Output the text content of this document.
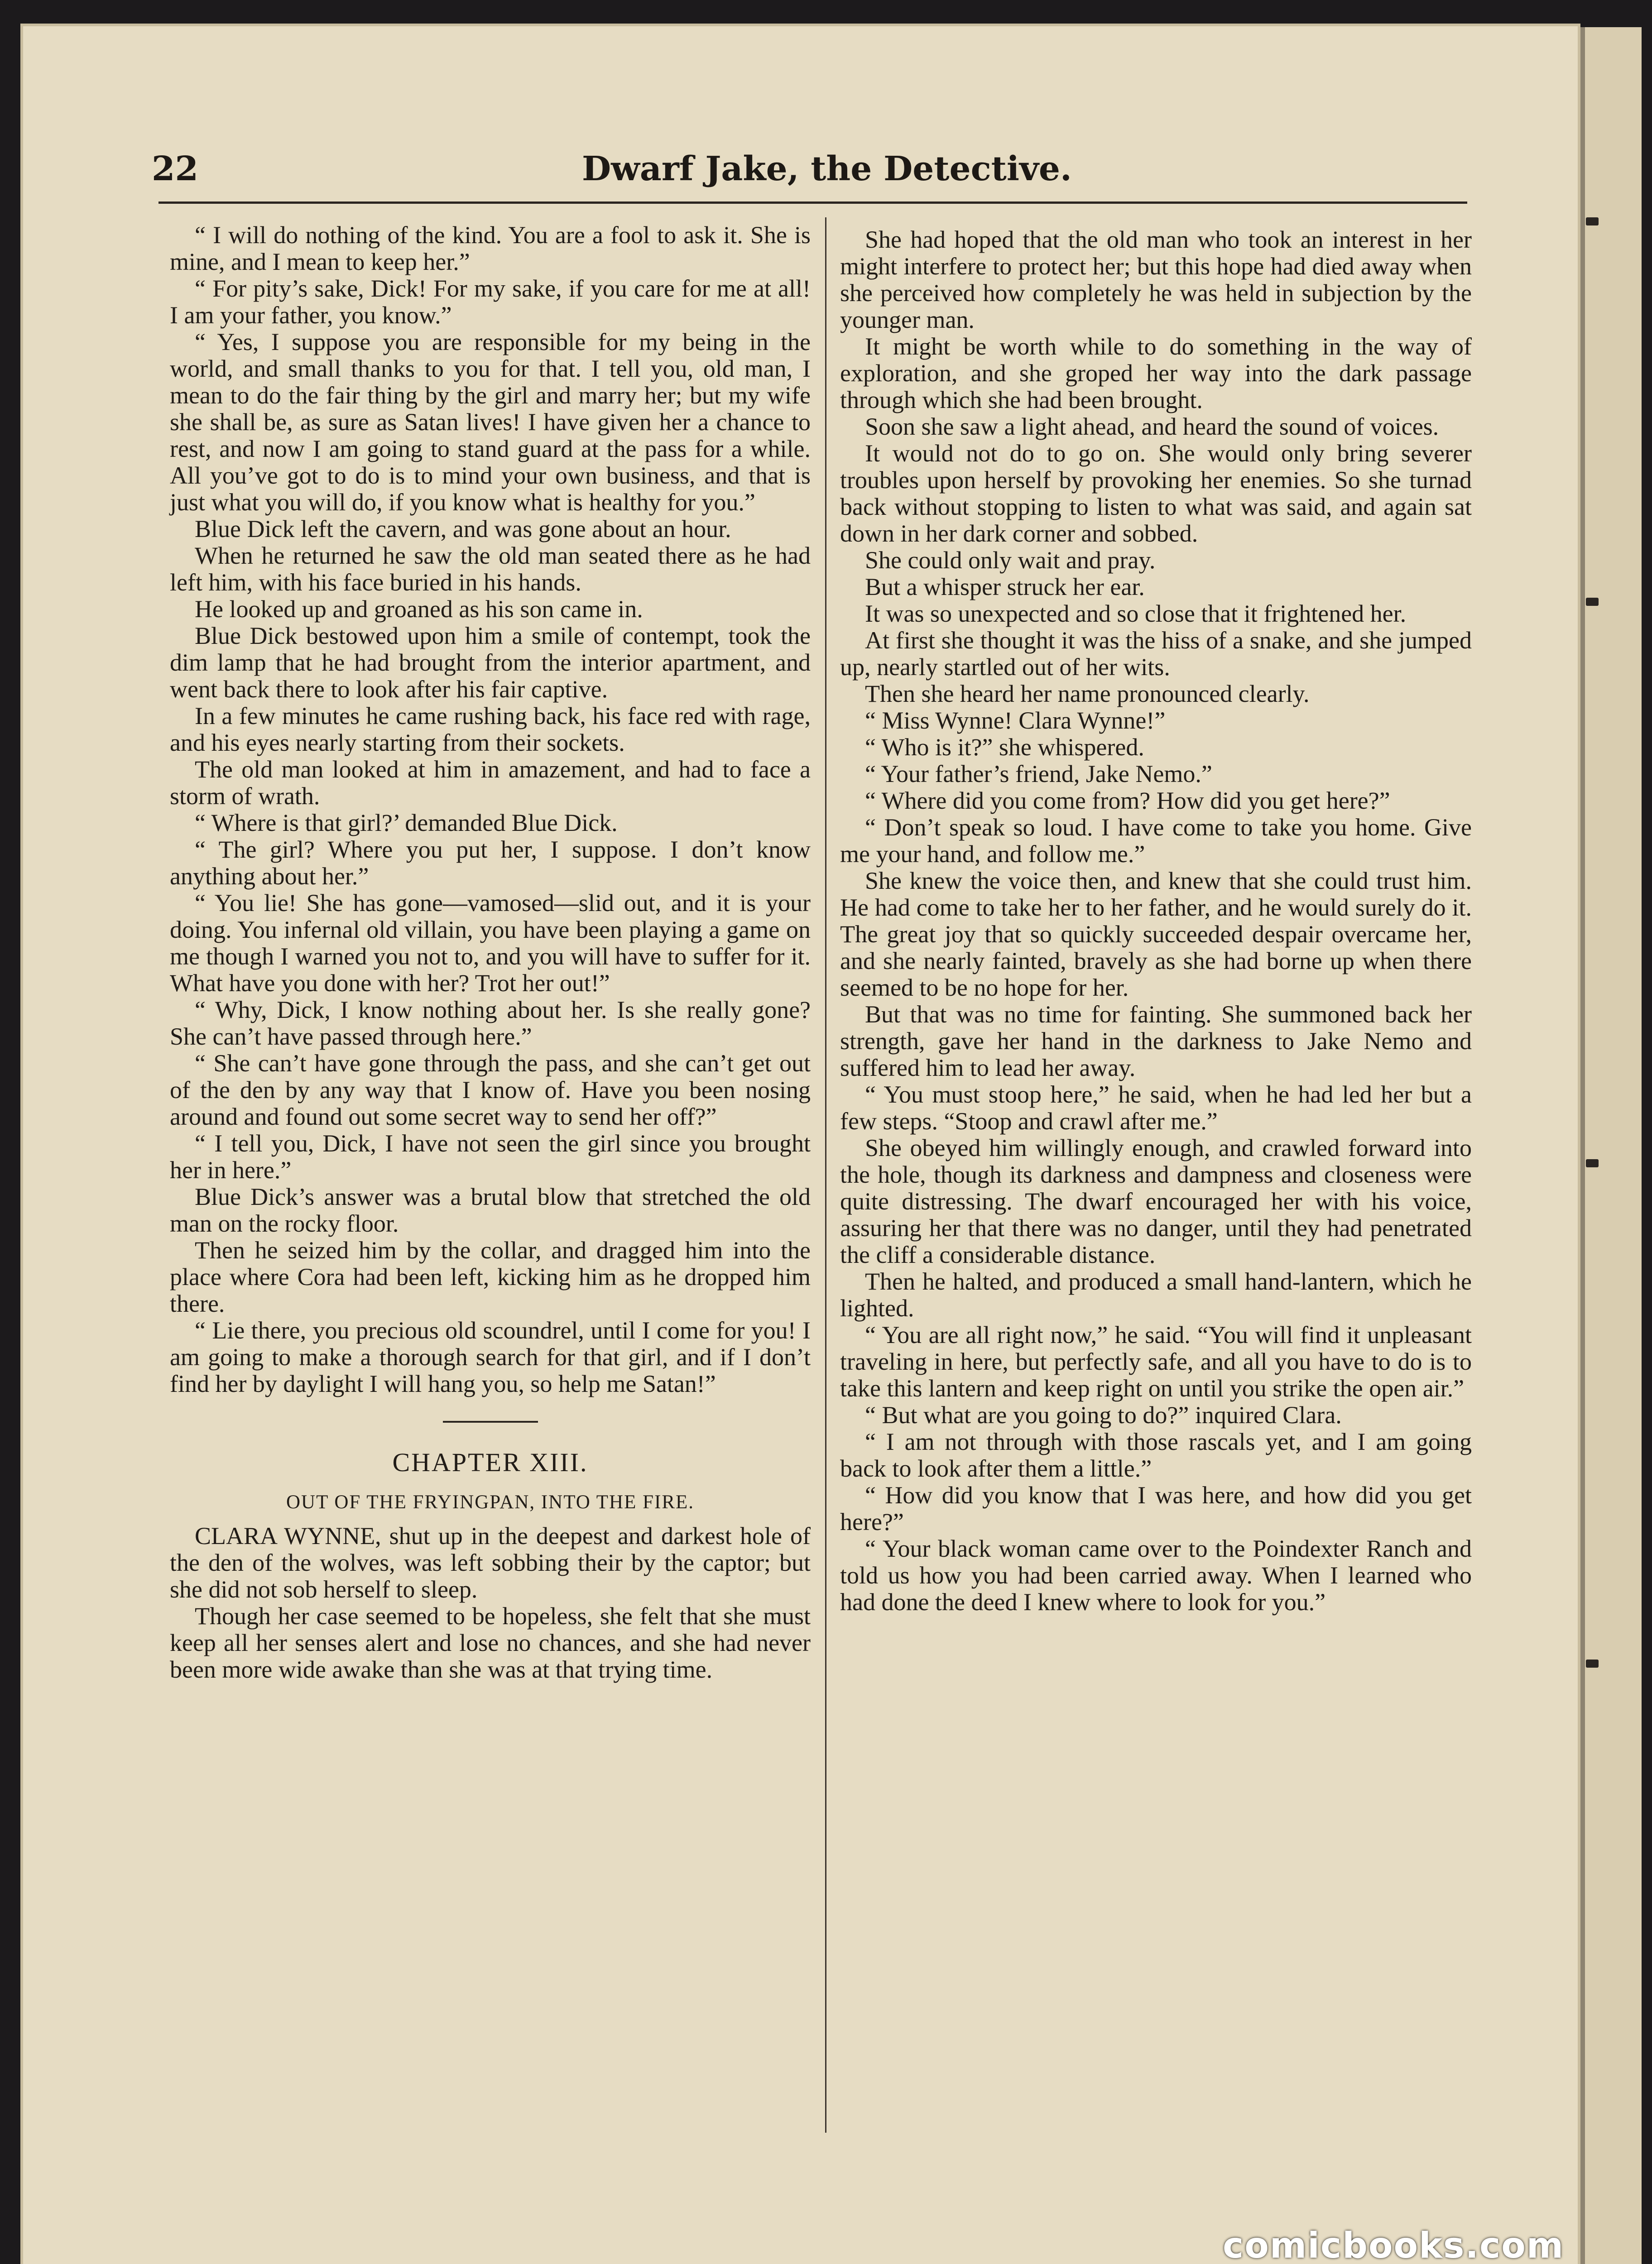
22	Dwarf Jake, the Detective.

“ I will do nothing of the kind. You are a fool to ask it. She is mine, and I mean to keep her.”

“ For pity’s sake, Dick! For my sake, if you care for me at all! I am your father, you know.”

“ Yes, I suppose you are responsible for my being in the world, and small thanks to you for that. I tell you, old man, I mean to do the fair thing by the girl and marry her; but my wife she shall be, as sure as Satan lives! I have given her a chance to rest, and now I am going to stand guard at the pass for a while. All you’ve got to do is to mind your own business, and that is just what you will do, if you know what is healthy for you.”

Blue Dick left the cavern, and was gone about an hour.

When he returned he saw the old man seated there as he had left him, with his face buried in his hands.

He looked up and groaned as his son came in.

Blue Dick bestowed upon him a smile of contempt, took the dim lamp that he had brought from the interior apartment, and went back there to look after his fair captive.

In a few minutes he came rushing back, his face red with rage, and his eyes nearly starting from their sockets.

The old man looked at him in amazement, and had to face a storm of wrath.

“ Where is that girl?’ demanded Blue Dick.

“ The girl? Where you put her, I suppose. I don’t know anything about her.”

“ You lie! She has gone—vamosed—slid out, and it is your doing. You infernal old villain, you have been playing a game on me though I warned you not to, and you will have to suffer for it. What have you done with her? Trot her out!”

“ Why, Dick, I know nothing about her. Is she really gone? She can’t have passed through here.”

“ She can’t have gone through the pass, and she can’t get out of the den by any way that I know of. Have you been nosing around and found out some secret way to send her off?”

“ I tell you, Dick, I have not seen the girl since you brought her in here.”

Blue Dick’s answer was a brutal blow that stretched the old man on the rocky floor.

Then he seized him by the collar, and dragged him into the place where Cora had been left, kicking him as he dropped him there.

“ Lie there, you precious old scoundrel, until I come for you! I am going to make a thorough search for that girl, and if I don’t find her by daylight I will hang you, so help me Satan!”

CHAPTER XIII.

OUT OF THE FRYINGPAN, INTO THE FIRE.

CLARA WYNNE, shut up in the deepest and darkest hole of the den of the wolves, was left sobbing their by the captor; but she did not sob herself to sleep.

Though her case seemed to be hopeless, she felt that she must keep all her senses alert and lose no chances, and she had never been more wide awake than she was at that trying time.

She had hoped that the old man who took an interest in her might interfere to protect her; but this hope had died away when she perceived how completely he was held in subjection by the younger man.

It might be worth while to do something in the way of exploration, and she groped her way into the dark passage through which she had been brought.

Soon she saw a light ahead, and heard the sound of voices.

It would not do to go on. She would only bring severer troubles upon herself by provoking her enemies. So she turnad back without stopping to listen to what was said, and again sat down in her dark corner and sobbed.

She could only wait and pray.

But a whisper struck her ear.

It was so unexpected and so close that it frightened her.

At first she thought it was the hiss of a snake, and she jumped up, nearly startled out of her wits.

Then she heard her name pronounced clearly.

“ Miss Wynne! Clara Wynne!”

“ Who is it?” she whispered.

“ Your father’s friend, Jake Nemo.”

“ Where did you come from? How did you get here?”

“ Don’t speak so loud. I have come to take you home. Give me your hand, and follow me.”

She knew the voice then, and knew that she could trust him. He had come to take her to her father, and he would surely do it. The great joy that so quickly succeeded despair overcame her, and she nearly fainted, bravely as she had borne up when there seemed to be no hope for her.

But that was no time for fainting. She summoned back her strength, gave her hand in the darkness to Jake Nemo and suffered him to lead her away.

“ You must stoop here,” he said, when he had led her but a few steps. “Stoop and crawl after me.”

She obeyed him willingly enough, and crawled forward into the hole, though its darkness and dampness and closeness were quite distressing. The dwarf encouraged her with his voice, assuring her that there was no danger, until they had penetrated the cliff a considerable distance.

Then he halted, and produced a small hand-lantern, which he lighted.

“ You are all right now,” he said. “You will find it unpleasant traveling in here, but perfectly safe, and all you have to do is to take this lantern and keep right on until you strike the open air.”

“ But what are you going to do?” inquired Clara.

“ I am not through with those rascals yet, and I am going back to look after them a little.”

“ How did you know that I was here, and how did you get here?”

“ Your black woman came over to the Poindexter Ranch and told us how you had been carried away. When I learned who had done the deed I knew where to look for you.”

comicbooks.com
